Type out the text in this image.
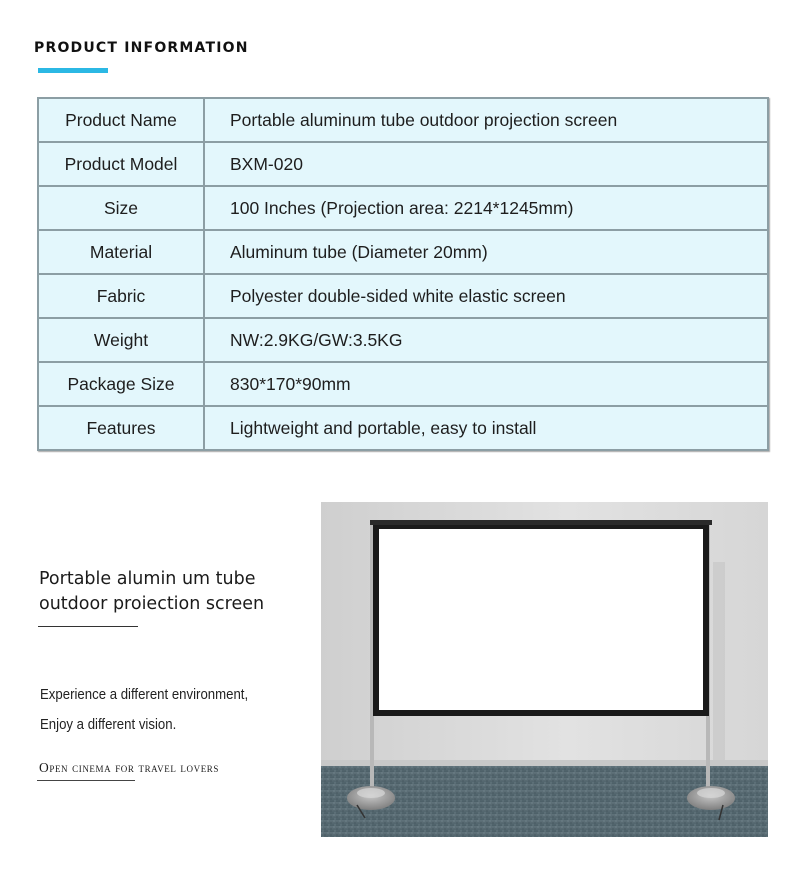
PRODUCT INFORMATION
Product Name	Portable aluminum tube outdoor projection screen
Product Model	BXM-020
Size	100 Inches (Projection area: 2214*1245mm)
Material	Aluminum tube (Diameter 20mm)
Fabric	Polyester double-sided white elastic screen
Weight	NW:2.9KG/GW:3.5KG
Package Size	830*170*90mm
Features	Lightweight and portable, easy to install
Portable alumin um tube outdoor proiection screen

Experience a different environment,

Enjoy a different vision.

Open cinema for travel lovers
